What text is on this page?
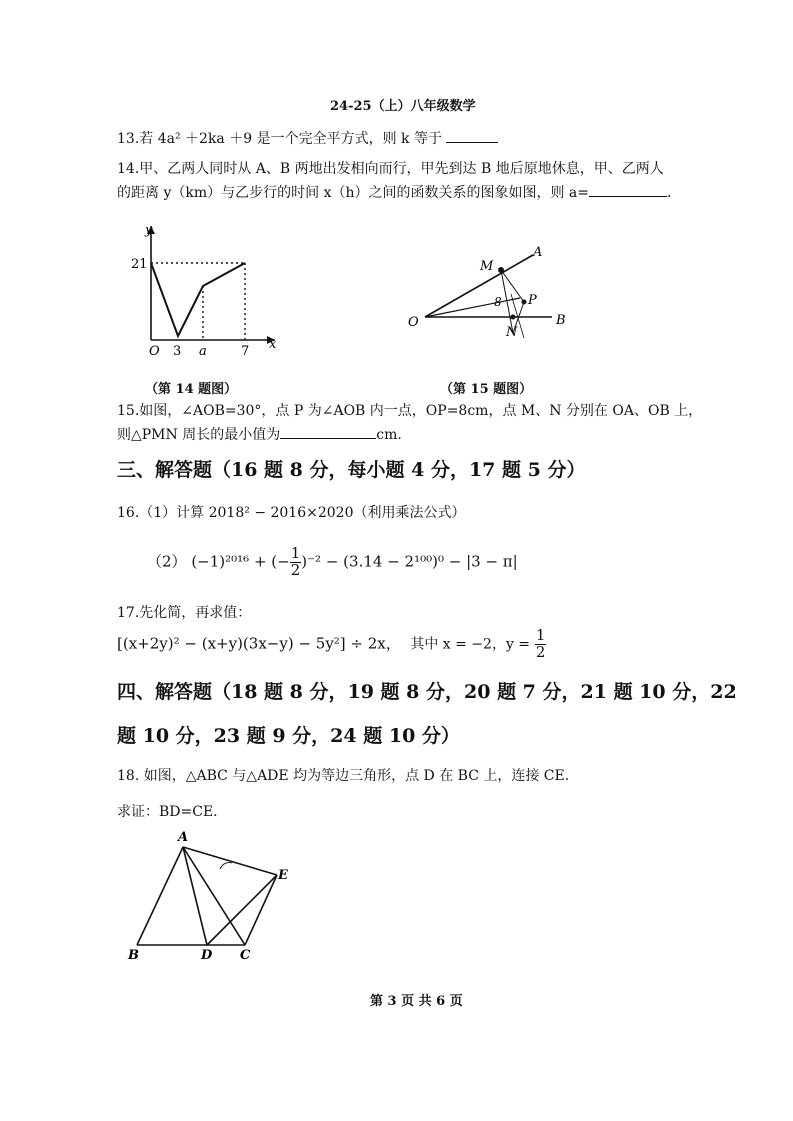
24-25（上）八年级数学
13.若 4a² ＋2ka ＋9 是一个完全平方式，则 k 等于
14.甲、乙两人同时从 A、B 两地出发相向而行，甲先到达 B 地后原地休息，甲、乙两人
的距离 y（km）与乙步行的时间 x（h）之间的函数关系的图象如图，则 a=	.
y
21
O 3 a	7 x
A
M
P
8
O
N
B
（第 14 题图）	（第 15 题图）
15.如图，∠AOB=30°，点 P 为∠AOB 内一点，OP=8cm，点 M、N 分别在 OA、OB 上，
则△PMN 周长的最小值为	cm.
三、解答题（16 题 8 分，每小题 4 分，17 题 5 分）
16.（1）计算 2018² − 2016×2020（利用乘法公式）
（2） (−1)²⁰¹⁶ + (− $\frac{1}{2} )^{-2} - (3.14 - 2^{100})^0 - |3 - \pi|$
17.先化简，再求值：
[(x+2y)² − (x+y)(3x−y) − 5y²] ÷ 2x， 其中 x = −2，$y = \frac{1}{2}$
四、解答题（18 题 8 分，19 题 8 分，20 题 7 分，21 题 10 分，22
题 10 分，23 题 9 分，24 题 10 分）
18. 如图，△ABC 与△ADE 均为等边三角形，点 D 在 BC 上，连接 CE.
求证：BD=CE.
A
E
B	D C
第 3 页 共 6 页
